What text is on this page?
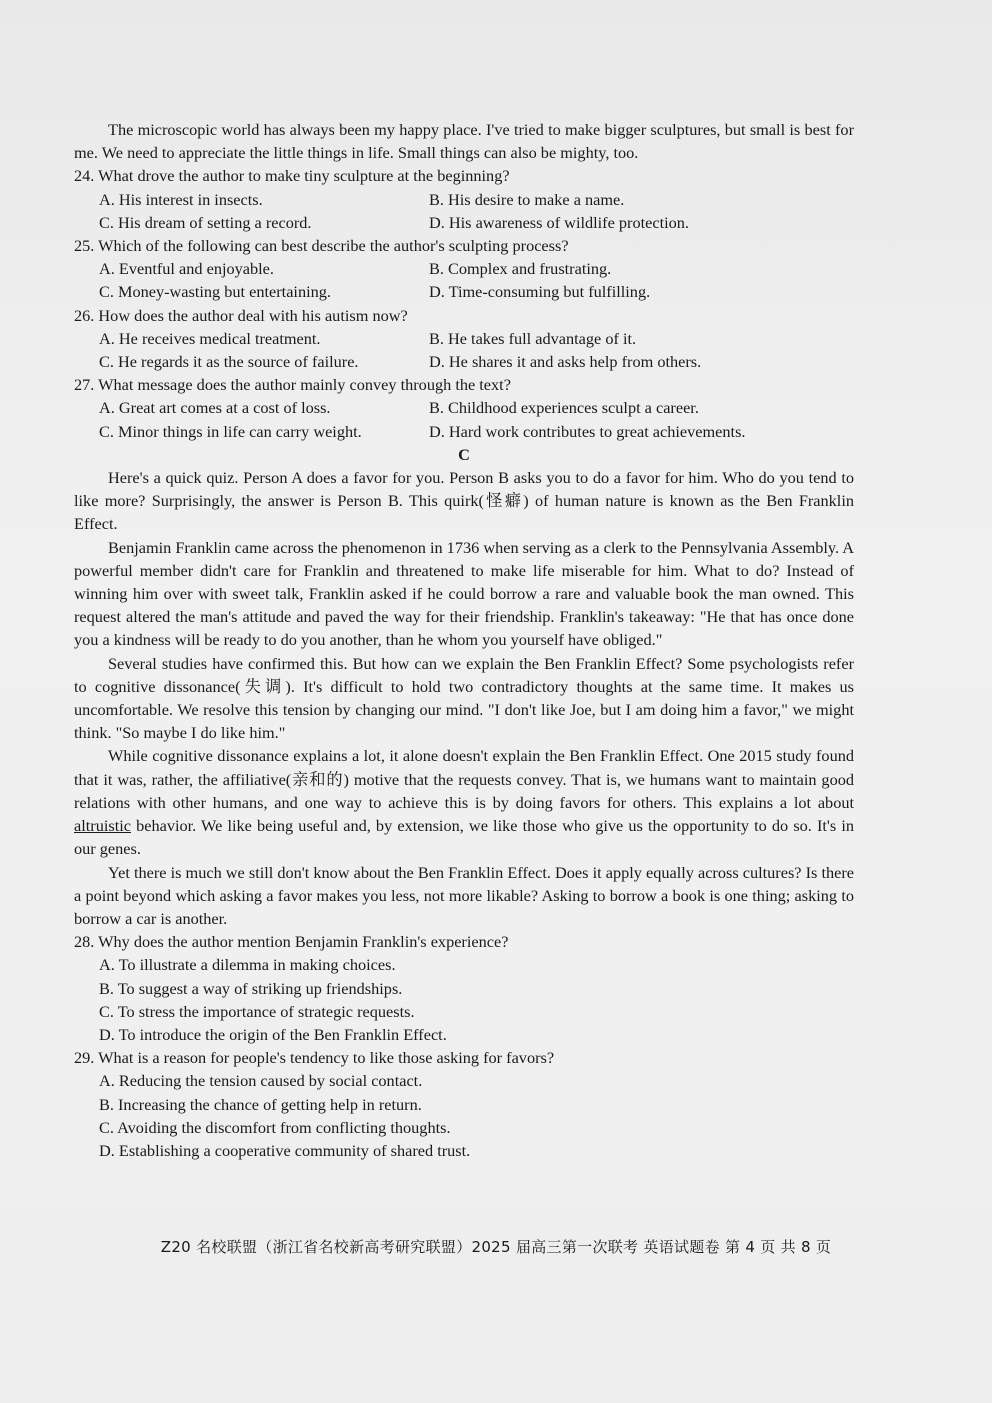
The microscopic world has always been my happy place. I've tried to make bigger sculptures, but small is best for me. We need to appreciate the little things in life. Small things can also be mighty, too.

24. What drove the author to make tiny sculpture at the beginning?

A. His interest in insects.	B. His desire to make a name.
C. His dream of setting a record.	D. His awareness of wildlife protection.

25. Which of the following can best describe the author's sculpting process?

A. Eventful and enjoyable.	B. Complex and frustrating.
C. Money-wasting but entertaining.	D. Time-consuming but fulfilling.

26. How does the author deal with his autism now?

A. He receives medical treatment.	B. He takes full advantage of it.
C. He regards it as the source of failure.	D. He shares it and asks help from others.

27. What message does the author mainly convey through the text?

A. Great art comes at a cost of loss.	B. Childhood experiences sculpt a career.
C. Minor things in life can carry weight.	D. Hard work contributes to great achievements.

C

Here's a quick quiz. Person A does a favor for you. Person B asks you to do a favor for him. Who do you tend to like more? Surprisingly, the answer is Person B. This quirk(怪癖) of human nature is known as the Ben Franklin Effect.

Benjamin Franklin came across the phenomenon in 1736 when serving as a clerk to the Pennsylvania Assembly. A powerful member didn't care for Franklin and threatened to make life miserable for him. What to do? Instead of winning him over with sweet talk, Franklin asked if he could borrow a rare and valuable book the man owned. This request altered the man's attitude and paved the way for their friendship. Franklin's takeaway: "He that has once done you a kindness will be ready to do you another, than he whom you yourself have obliged."

Several studies have confirmed this. But how can we explain the Ben Franklin Effect? Some psychologists refer to cognitive dissonance(失调). It's difficult to hold two contradictory thoughts at the same time. It makes us uncomfortable. We resolve this tension by changing our mind. "I don't like Joe, but I am doing him a favor," we might think. "So maybe I do like him."

While cognitive dissonance explains a lot, it alone doesn't explain the Ben Franklin Effect. One 2015 study found that it was, rather, the affiliative(亲和的) motive that the requests convey. That is, we humans want to maintain good relations with other humans, and one way to achieve this is by doing favors for others. This explains a lot about altruistic behavior. We like being useful and, by extension, we like those who give us the opportunity to do so. It's in our genes.

Yet there is much we still don't know about the Ben Franklin Effect. Does it apply equally across cultures? Is there a point beyond which asking a favor makes you less, not more likable? Asking to borrow a book is one thing; asking to borrow a car is another.

28. Why does the author mention Benjamin Franklin's experience?

A. To illustrate a dilemma in making choices.
B. To suggest a way of striking up friendships.
C. To stress the importance of strategic requests.
D. To introduce the origin of the Ben Franklin Effect.

29. What is a reason for people's tendency to like those asking for favors?

A. Reducing the tension caused by social contact.
B. Increasing the chance of getting help in return.
C. Avoiding the discomfort from conflicting thoughts.
D. Establishing a cooperative community of shared trust.
Z20 名校联盟（浙江省名校新高考研究联盟）2025 届高三第一次联考 英语试题卷 第 4 页 共 8 页
